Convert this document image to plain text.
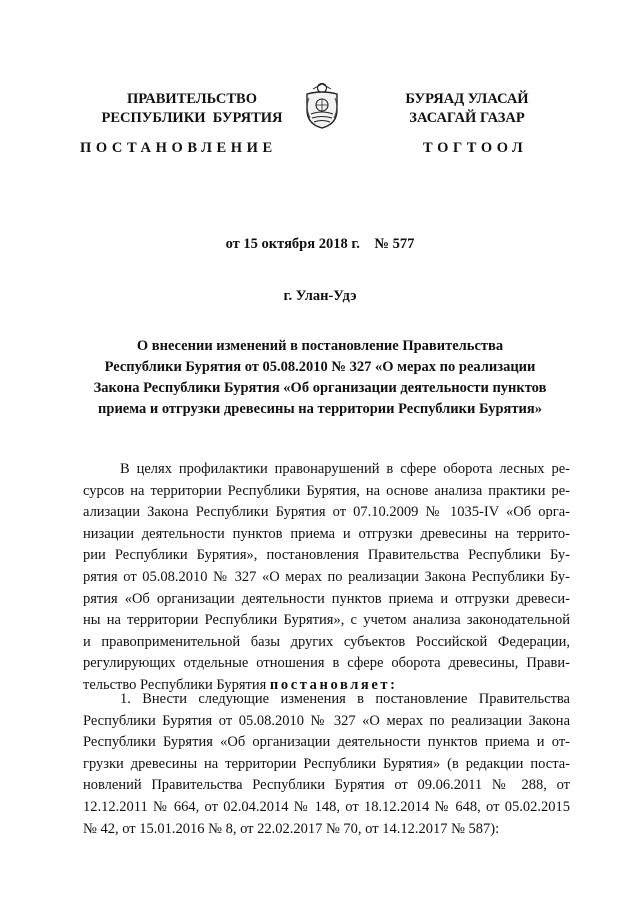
ПРАВИТЕЛЬСТВО
РЕСПУБЛИКИ  БУРЯТИЯ
БУРЯАД УЛАСАЙ
ЗАСАГАЙ ГАЗАР
ПОСТАНОВЛЕНИЕ	ТОГТООЛ
от 15 октября 2018 г.    № 577
г. Улан-Удэ
О внесении изменений в постановление Правительства
Республики Бурятия от 05.08.2010 № 327 «О мерах по реализации
Закона Республики Бурятия «Об организации деятельности пунктов
приема и отгрузки древесины на территории Республики Бурятия»
В целях профилактики правонарушений в сфере оборота лесных ре-
сурсов на территории Республики Бурятия, на основе анализа практики ре-
ализации Закона Республики Бурятия от 07.10.2009 № 1035-IV «Об орга-
низации деятельности пунктов приема и отгрузки древесины на террито-
рии Республики Бурятия», постановления Правительства Республики Бу-
рятия от 05.08.2010 № 327 «О мерах по реализации Закона Республики Бу-
рятия «Об организации деятельности пунктов приема и отгрузки древеси-
ны на территории Республики Бурятия», с учетом анализа законодательной
и правоприменительной базы других субъектов Российской Федерации,
регулирующих отдельные отношения в сфере оборота древесины, Прави-
тельство Республики Бурятия постановляет:
1. Внести следующие изменения в постановление Правительства
Республики Бурятия от 05.08.2010 № 327 «О мерах по реализации Закона
Республики Бурятия «Об организации деятельности пунктов приема и от-
грузки древесины на территории Республики Бурятия» (в редакции поста-
новлений Правительства Республики Бурятия от 09.06.2011 № 288, от
12.12.2011 № 664, от 02.04.2014 № 148, от 18.12.2014 № 648, от 05.02.2015
№ 42, от 15.01.2016 № 8, от 22.02.2017 № 70, от 14.12.2017 № 587):
